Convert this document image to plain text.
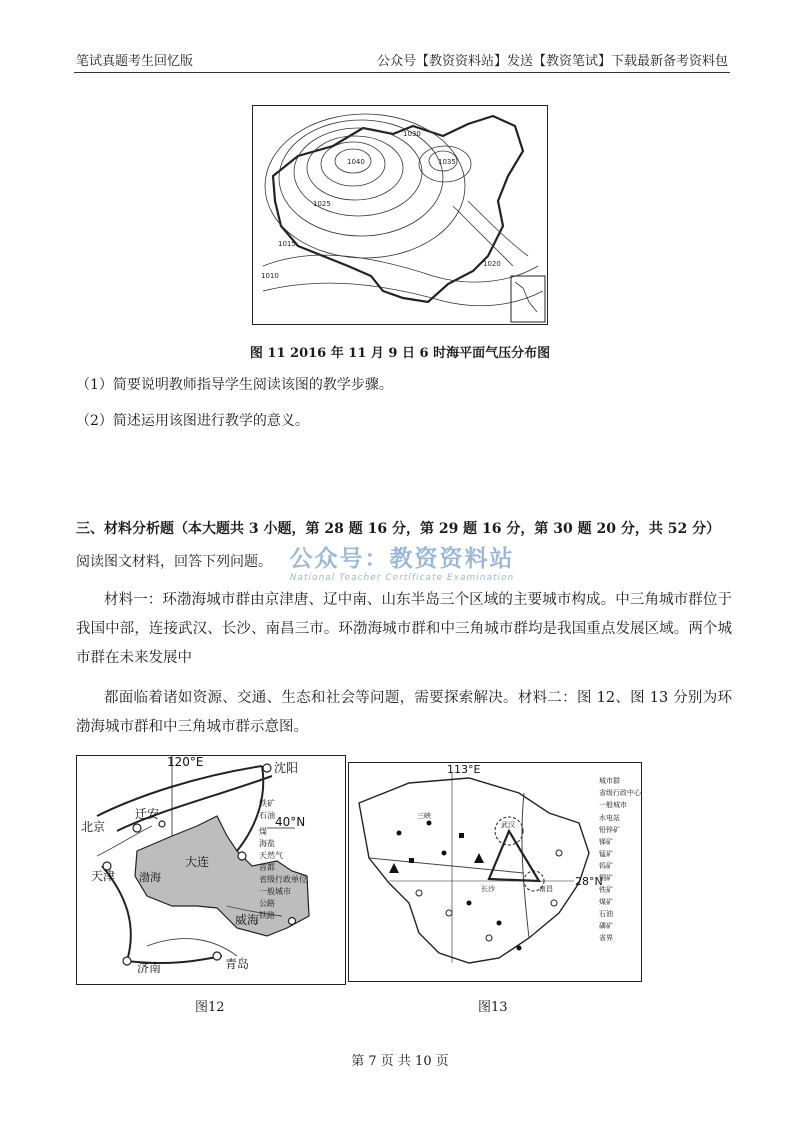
笔试真题考生回忆版	公众号【教资资料站】发送【教资笔试】下载最新备考资料包
1040
1030
1025
1015
1035
1020
1010
图 11 2016 年 11 月 9 日 6 时海平面气压分布图
（1）简要说明教师指导学生阅读该图的教学步骤。
（2）简述运用该图进行教学的意义。
三、材料分析题（本大题共 3 小题，第 28 题 16 分，第 29 题 16 分，第 30 题 20 分，共 52 分）
阅读图文材料，回答下列问题。 公众号：教资资料站
National Teacher Certificate Examination
材料一：环渤海城市群由京津唐、辽中南、山东半岛三个区域的主要城市构成。中三角城市群位于我国中部，连接武汉、长沙、南昌三市。环渤海城市群和中三角城市群均是我国重点发展区域。两个城市群在未来发展中
都面临着诸如资源、交通、生态和社会等问题，需要探索解决。材料二：图 12、图 13 分别为环渤海城市群和中三角城市群示意图。
沈阳
北京
迁安
天津
大连
威海
济南	青岛
渤海
120°E
40°N
铁矿
石油
煤
海盐
天然气
首都
省级行政单位
一般城市
公路
铁路
图12
113°E
28°N
武汉
长沙	南昌
三峡
城市群
省级行政中心
一般城市
水电站
铅锌矿
锑矿
锰矿
钨矿
铜矿
铁矿
煤矿
石油
磷矿
省界
图13
第 7 页 共 10 页
